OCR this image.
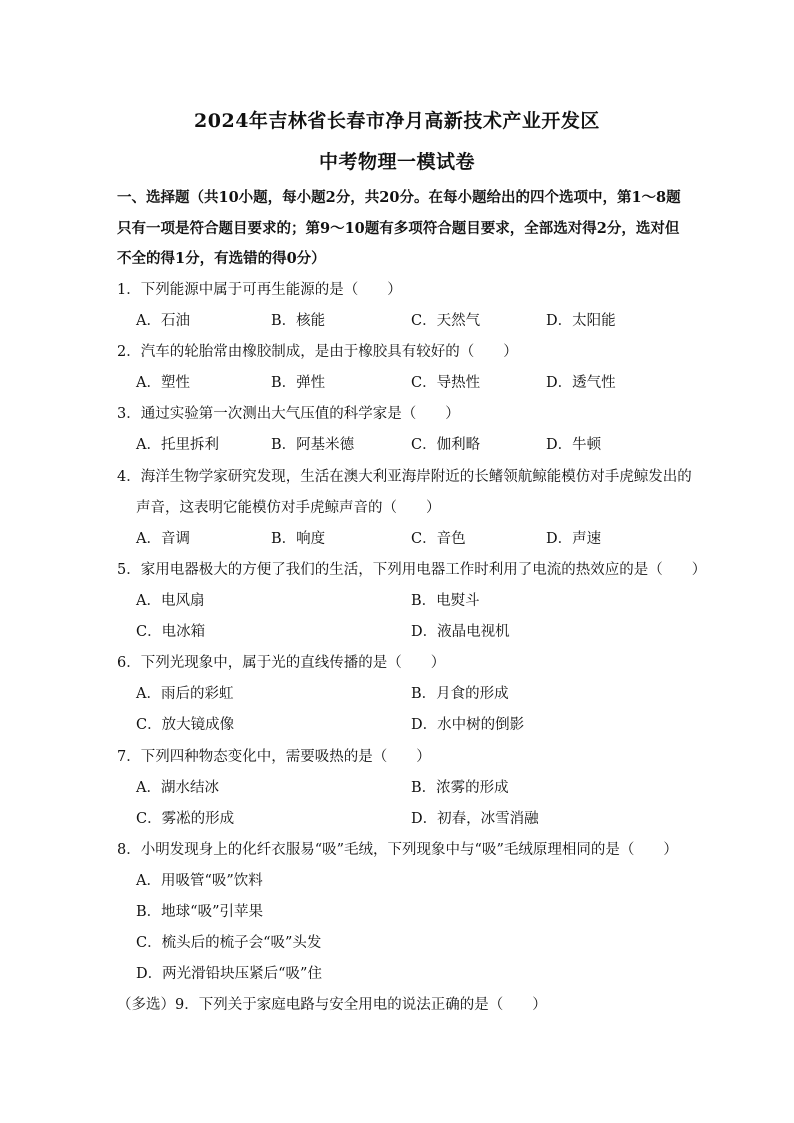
2024年吉林省长春市净月高新技术产业开发区
中考物理一模试卷
一、选择题（共10小题，每小题2分，共20分。在每小题给出的四个选项中，第1～8题
只有一项是符合题目要求的；第9～10题有多项符合题目要求，全部选对得2分，选对但
不全的得1分，有选错的得0分）
1．下列能源中属于可再生能源的是（　　）
A．石油	B．核能	C．天然气	D．太阳能
2．汽车的轮胎常由橡胶制成，是由于橡胶具有较好的（　　）
A．塑性	B．弹性	C．导热性	D．透气性
3．通过实验第一次测出大气压值的科学家是（　　）
A．托里拆利	B．阿基米德	C．伽利略	D．牛顿
4．海洋生物学家研究发现，生活在澳大利亚海岸附近的长鳍领航鲸能模仿对手虎鲸发出的
声音，这表明它能模仿对手虎鲸声音的（　　）
A．音调	B．响度	C．音色	D．声速
5．家用电器极大的方便了我们的生活，下列用电器工作时利用了电流的热效应的是（　　）
A．电风扇	B．电熨斗
C．电冰箱	D．液晶电视机
6．下列光现象中，属于光的直线传播的是（　　）
A．雨后的彩虹	B．月食的形成
C．放大镜成像	D．水中树的倒影
7．下列四种物态变化中，需要吸热的是（　　）
A．湖水结冰	B．浓雾的形成
C．雾凇的形成	D．初春，冰雪消融
8．小明发现身上的化纤衣服易“吸”毛绒，下列现象中与“吸”毛绒原理相同的是（　　）
A．用吸管“吸”饮料
B．地球“吸”引苹果
C．梳头后的梳子会“吸”头发
D．两光滑铅块压紧后“吸”住
（多选）9．下列关于家庭电路与安全用电的说法正确的是（　　）
